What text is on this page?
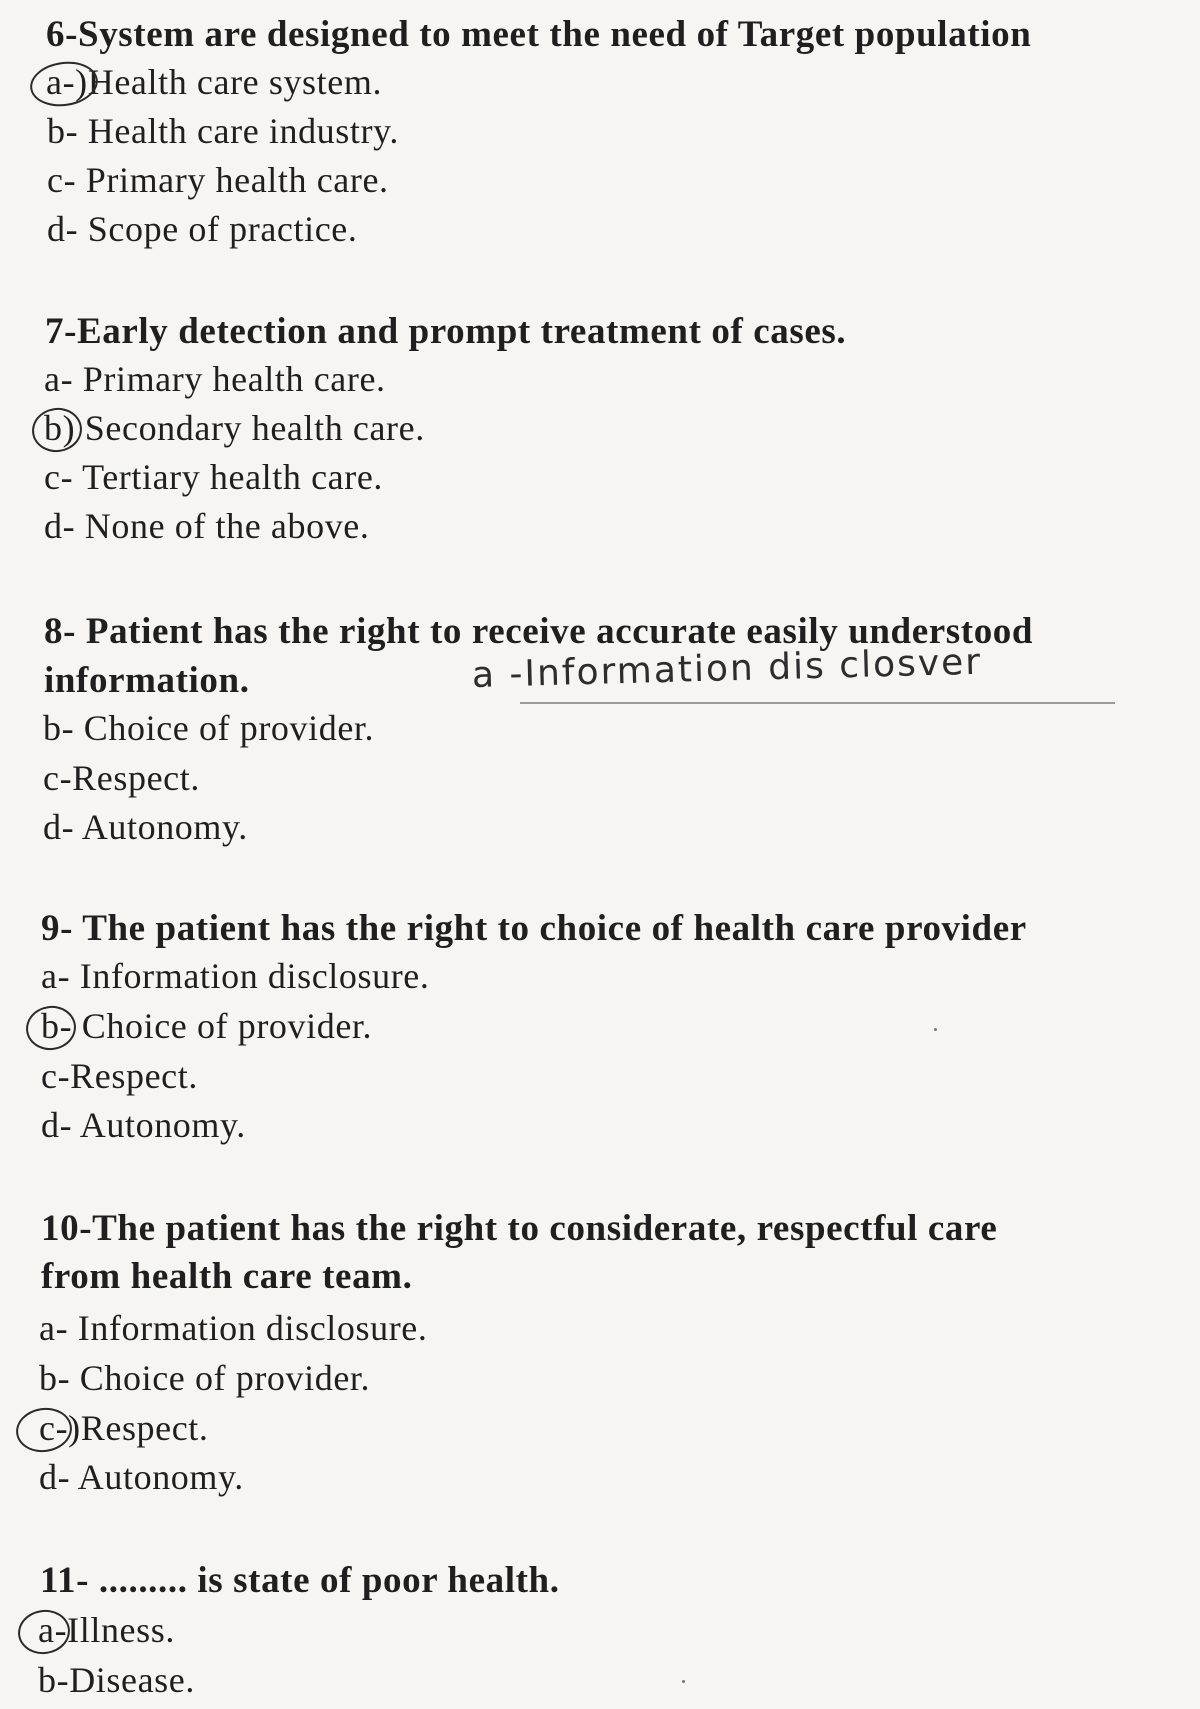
6-System are designed to meet the need of Target population
a-)Health care system.
b- Health care industry.
c- Primary health care.
d- Scope of practice.
7-Early detection and prompt treatment of cases.
a- Primary health care.
b) Secondary health care.
c- Tertiary health care.
d- None of the above.
8- Patient has the right to receive accurate easily understood
information.	a -Information dis closver
b- Choice of provider.
c-Respect.
d- Autonomy.
9- The patient has the right to choice of health care provider
a- Information disclosure.
b- Choice of provider.
c-Respect.
d- Autonomy.
10-The patient has the right to considerate, respectful care
from health care team.
a- Information disclosure.
b- Choice of provider.
c-)Respect.
d- Autonomy.
11- ......... is state of poor health.
a-Illness.
b-Disease.
